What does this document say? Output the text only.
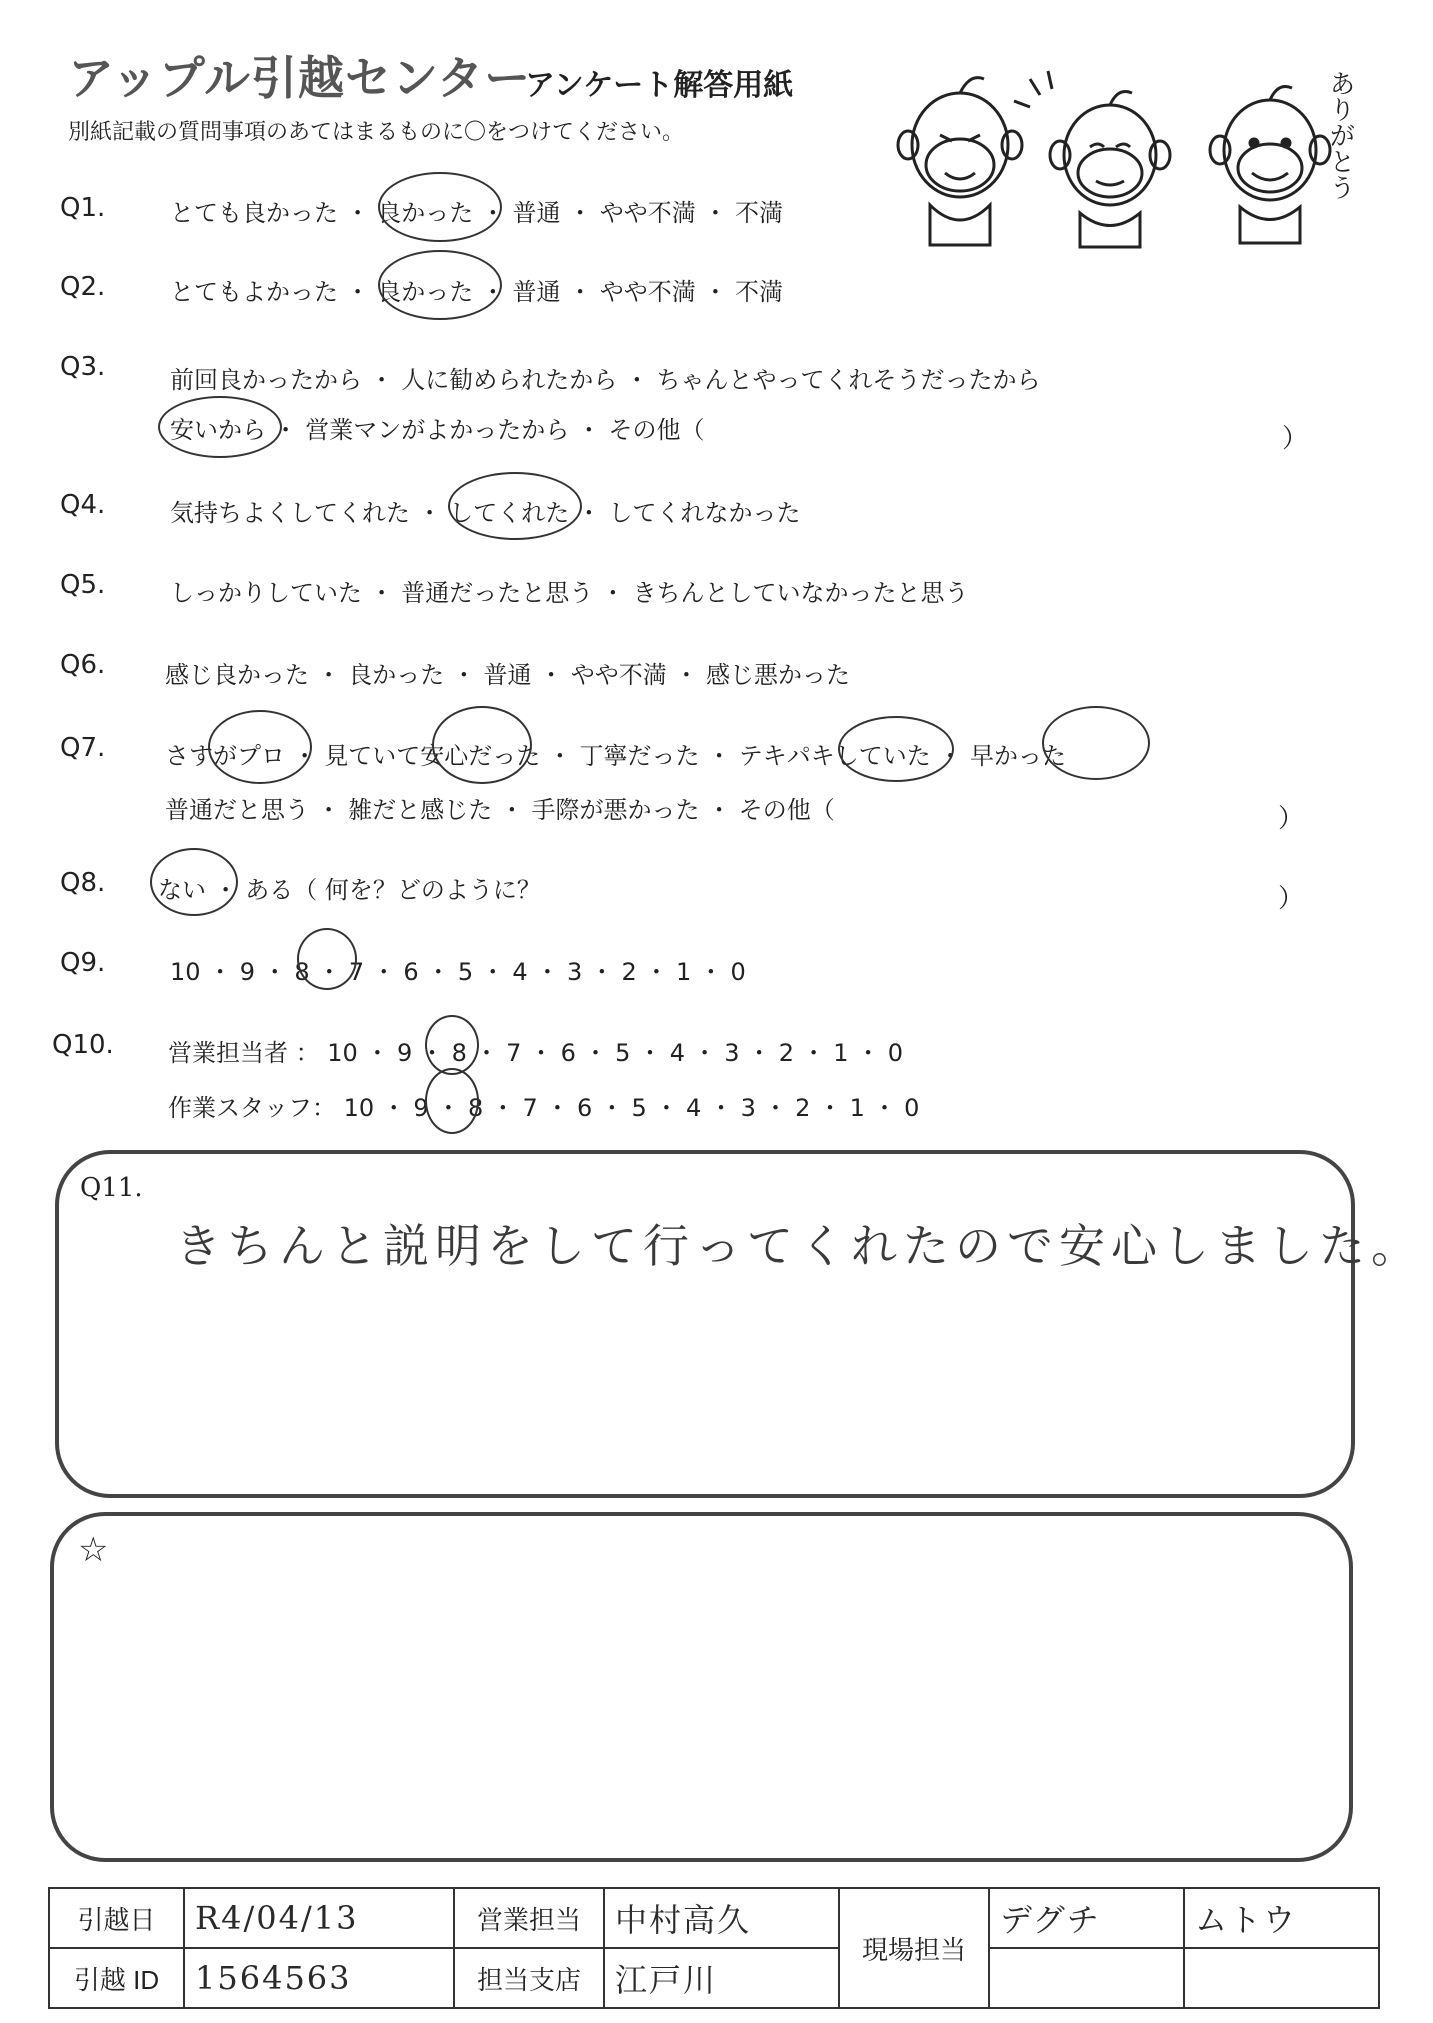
アップル引越センター
アンケート解答用紙
別紙記載の質問事項のあてはまるものに〇をつけてください。	ありがとう
Q1.	とても良かった ・ 良かった ・ 普通 ・ やや不満 ・ 不満
Q2.	とてもよかった ・ 良かった ・ 普通 ・ やや不満 ・ 不満
Q3.	前回良かったから ・ 人に勧められたから ・ ちゃんとやってくれそうだったから
安いから ・ 営業マンがよかったから ・ その他（	）
Q4.	気持ちよくしてくれた ・ してくれた ・ してくれなかった
Q5.	しっかりしていた ・ 普通だったと思う ・ きちんとしていなかったと思う
Q6. 感じ良かった ・ 良かった ・ 普通 ・ やや不満 ・ 感じ悪かった
Q7. さすがプロ ・ 見ていて安心だった ・ 丁寧だった ・ テキパキしていた ・ 早かった
普通だと思う ・ 雑だと感じた ・ 手際が悪かった ・ その他（	）
Q8. ない ・ ある（ 何を？どのように？	）
Q9.	10 ・ 9 ・ 8 ・ 7 ・ 6 ・ 5 ・ 4 ・ 3 ・ 2 ・ 1 ・ 0
Q10. 営業担当者 ： 10 ・ 9 ・ 8 ・ 7 ・ 6 ・ 5 ・ 4 ・ 3 ・ 2 ・ 1 ・ 0
作業スタッフ： 10 ・ 9 ・ 8 ・ 7 ・ 6 ・ 5 ・ 4 ・ 3 ・ 2 ・ 1 ・ 0
Q11.
きちんと説明をして行ってくれたので安心しました。
☆
引越日	R4/04/13	営業担当	中村高久	現場担当	デグチ	ムトウ
引越 ID	1564563	担当支店	江戸川			
